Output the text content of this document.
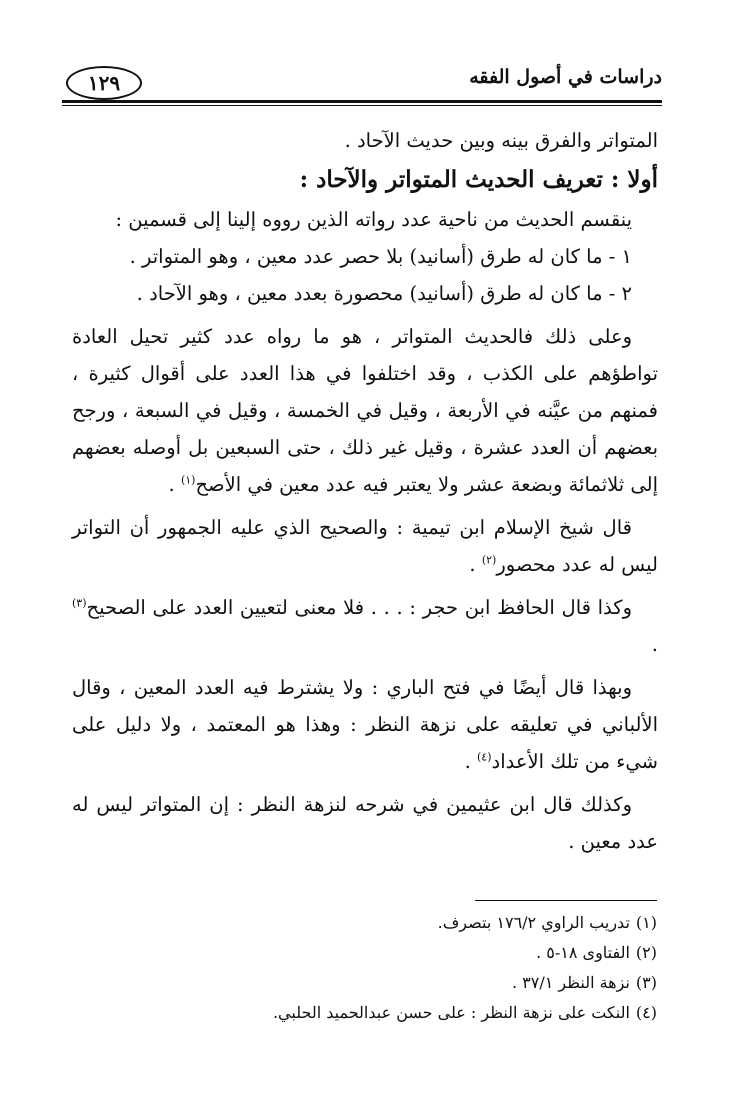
دراسات في أصول الفقه
١٢٩

المتواتر والفرق بينه وبين حديث الآحاد .

أولا : تعريف الحديث المتواتر والآحاد :

ينقسم الحديث من ناحية عدد رواته الذين رووه إلينا إلى قسمين :

١ - ما كان له طرق (أسانيد) بلا حصر عدد معين ، وهو المتواتر .

٢ - ما كان له طرق (أسانيد) محصورة بعدد معين ، وهو الآحاد .

وعلى ذلك فالحديث المتواتر ، هو ما رواه عدد كثير تحيل العادة تواطؤهم على الكذب ، وقد اختلفوا في هذا العدد على أقوال كثيرة ، فمنهم من عيَّنه في الأربعة ، وقيل في الخمسة ، وقيل في السبعة ، ورجح بعضهم أن العدد عشرة ، وقيل غير ذلك ، حتى السبعين بل أوصله بعضهم إلى ثلاثمائة وبضعة عشر ولا يعتبر فيه عدد معين في الأصح$^{(١)}$ .

قال شيخ الإسلام ابن تيمية : والصحيح الذي عليه الجمهور أن التواتر ليس له عدد محصور$^{(٢)}$ .

وكذا قال الحافظ ابن حجر : . . . فلا معنى لتعيين العدد على الصحيح$^{(٣)}$ .

وبهذا قال أيضًا في فتح الباري : ولا يشترط فيه العدد المعين ، وقال الألباني في تعليقه على نزهة النظر : وهذا هو المعتمد ، ولا دليل على شيء من تلك الأعداد$^{(٤)}$ .

وكذلك قال ابن عثيمين في شرحه لنزهة النظر : إن المتواتر ليس له عدد معين .

(١)تدريب الراوي ١٧٦/٢ بتصرف.
(٢)الفتاوى ١٨-٥ .
(٣)نزهة النظر ٣٧/١ .
(٤)النكت على نزهة النظر : على حسن عبدالحميد الحلبي.
